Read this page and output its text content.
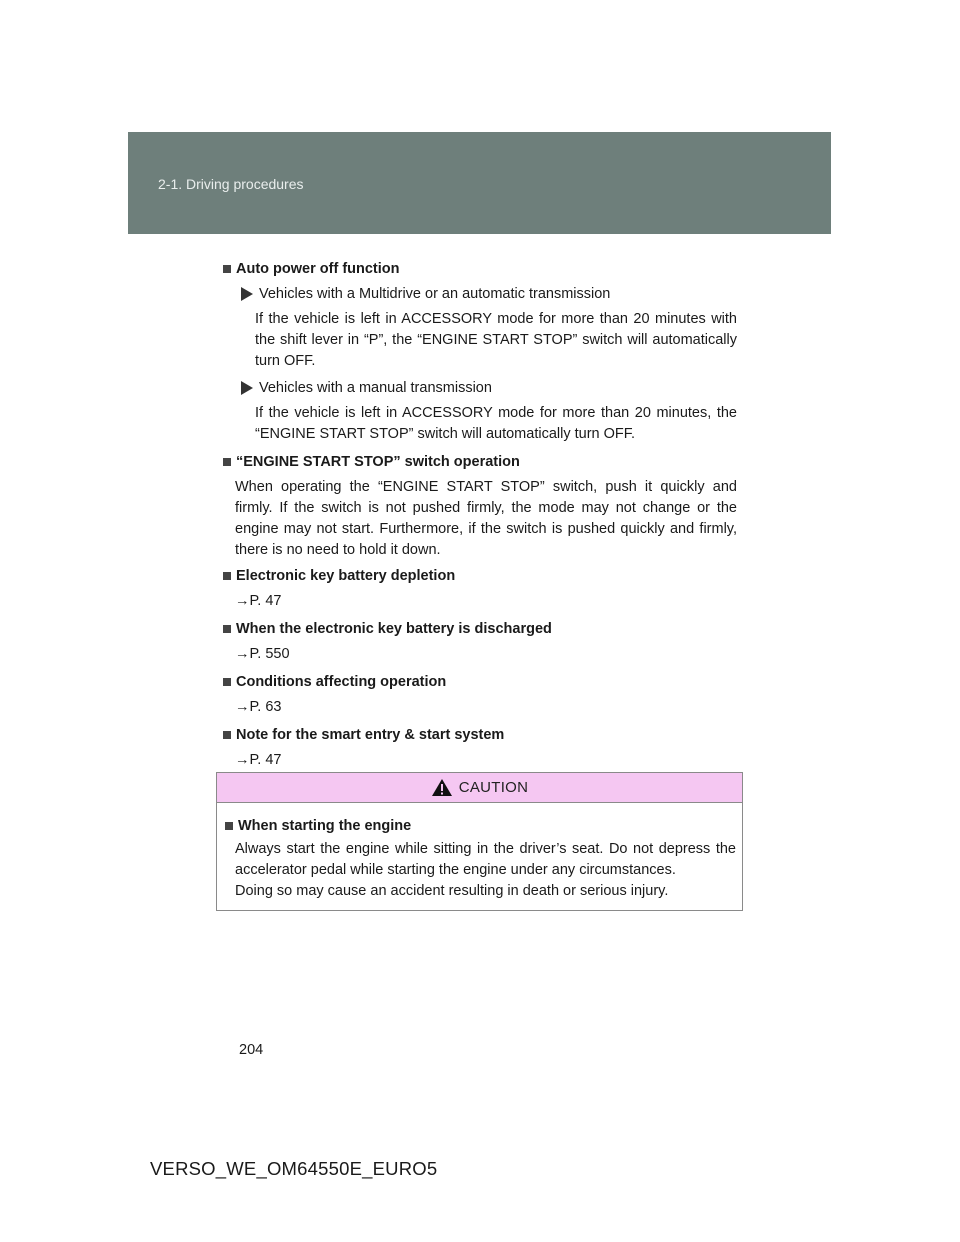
2-1. Driving procedures
Auto power off function
Vehicles with a Multidrive or an automatic transmission
If the vehicle is left in ACCESSORY mode for more than 20 minutes with the shift lever in “P”, the “ENGINE START STOP” switch will automatically turn OFF.
Vehicles with a manual transmission
If the vehicle is left in ACCESSORY mode for more than 20 minutes, the “ENGINE START STOP” switch will automatically turn OFF.
“ENGINE START STOP” switch operation
When operating the “ENGINE START STOP” switch, push it quickly and firmly. If the switch is not pushed firmly, the mode may not change or the engine may not start. Furthermore, if the switch is pushed quickly and firmly, there is no need to hold it down.
Electronic key battery depletion
→P. 47
When the electronic key battery is discharged
→P. 550
Conditions affecting operation
→P. 63
Note for the smart entry & start system
→P. 47
CAUTION
When starting the engine
Always start the engine while sitting in the driver’s seat. Do not depress the accelerator pedal while starting the engine under any circumstances.
Doing so may cause an accident resulting in death or serious injury.
204
VERSO_WE_OM64550E_EURO5
